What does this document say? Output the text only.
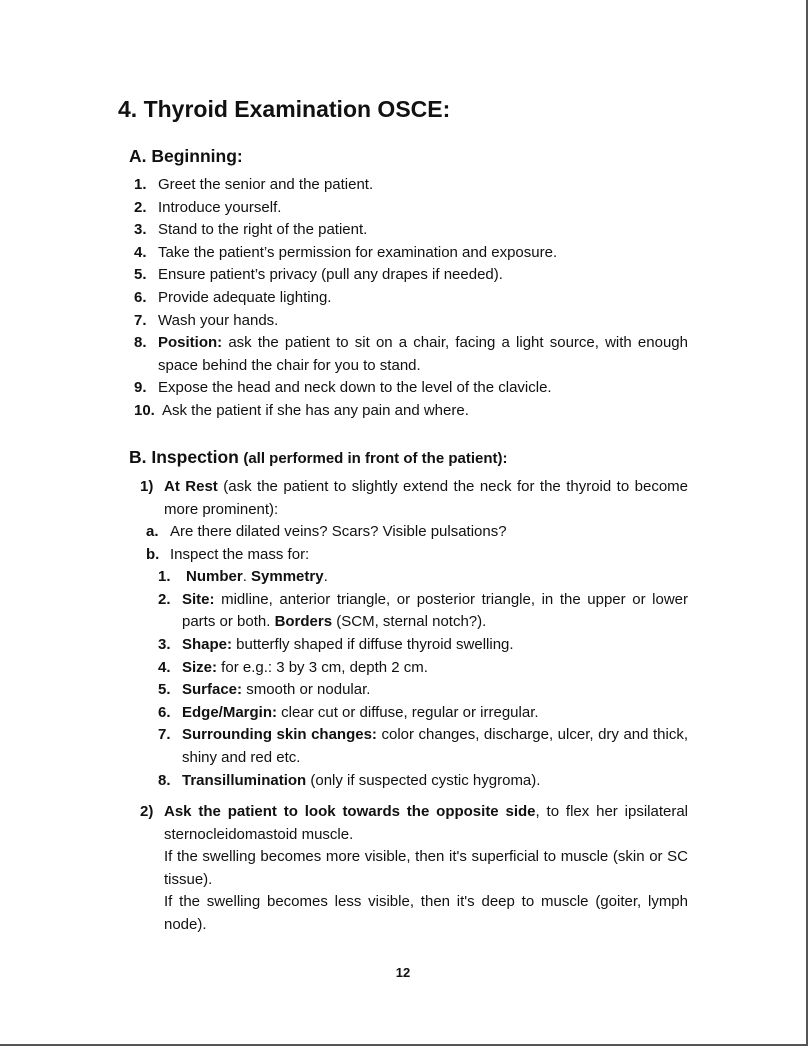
4. Thyroid Examination OSCE:
A. Beginning:
1. Greet the senior and the patient.
2. Introduce yourself.
3. Stand to the right of the patient.
4. Take the patient’s permission for examination and exposure.
5. Ensure patient’s privacy (pull any drapes if needed).
6. Provide adequate lighting.
7. Wash your hands.
8. Position: ask the patient to sit on a chair, facing a light source, with enough space behind the chair for you to stand.
9. Expose the head and neck down to the level of the clavicle.
10. Ask the patient if she has any pain and where.
B. Inspection (all performed in front of the patient):
1) At Rest (ask the patient to slightly extend the neck for the thyroid to become more prominent):
a. Are there dilated veins? Scars? Visible pulsations?
b. Inspect the mass for:
1. Number. Symmetry.
2. Site: midline, anterior triangle, or posterior triangle, in the upper or lower parts or both. Borders (SCM, sternal notch?).
3. Shape: butterfly shaped if diffuse thyroid swelling.
4. Size: for e.g.: 3 by 3 cm, depth 2 cm.
5. Surface: smooth or nodular.
6. Edge/Margin: clear cut or diffuse, regular or irregular.
7. Surrounding skin changes: color changes, discharge, ulcer, dry and thick, shiny and red etc.
8. Transillumination (only if suspected cystic hygroma).
2) Ask the patient to look towards the opposite side, to flex her ipsilateral sternocleidomastoid muscle.
If the swelling becomes more visible, then it's superficial to muscle (skin or SC tissue).
If the swelling becomes less visible, then it's deep to muscle (goiter, lymph node).
12
